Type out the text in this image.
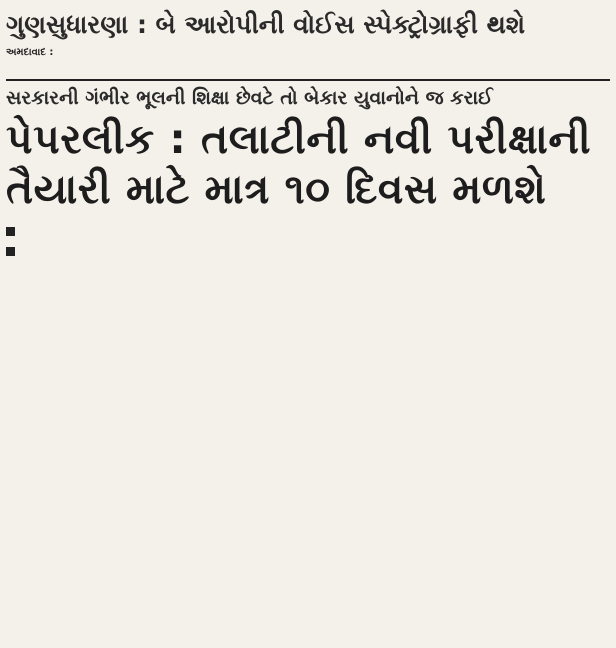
ગુણસુધારણા : બે આરોપીની વોઈસ સ્પેક્ટ્રોગ્રાફી થશે

અમદાવાદ :

સરકારની ગંભીર ભૂલની શિક્ષા છેવટે તો બેકાર યુવાનોને જ કરાઈ
પેપરલીક : તલાટીની નવી પરીક્ષાની
તૈયારી માટે માત્ર ૧૦ દિવસ મળશે
